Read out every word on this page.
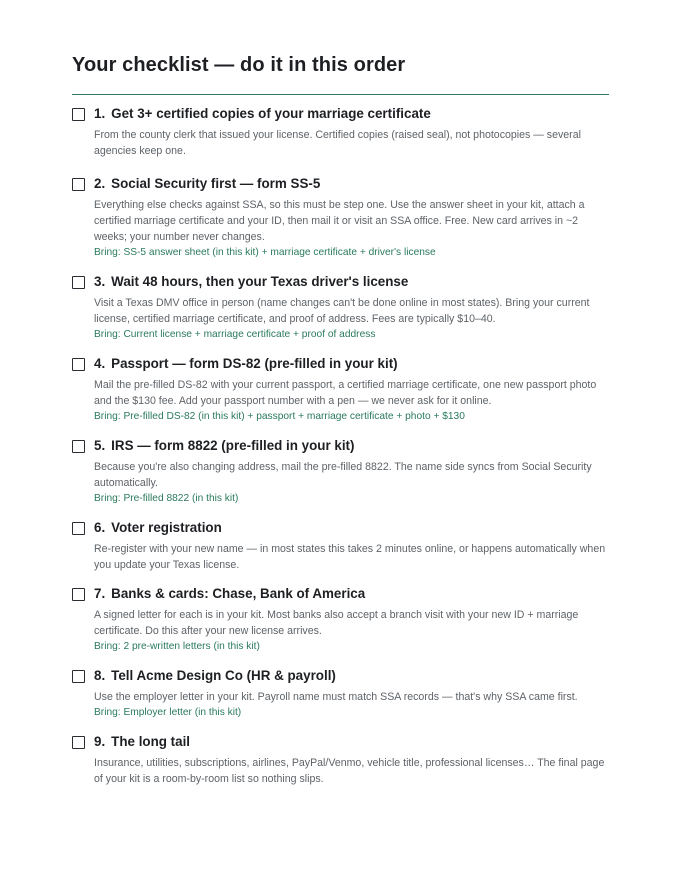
Your checklist — do it in this order
1. Get 3+ certified copies of your marriage certificate
From the county clerk that issued your license. Certified copies (raised seal), not photocopies — several agencies keep one.
2. Social Security first — form SS-5
Everything else checks against SSA, so this must be step one. Use the answer sheet in your kit, attach a certified marriage certificate and your ID, then mail it or visit an SSA office. Free. New card arrives in ~2 weeks; your number never changes.
Bring: SS-5 answer sheet (in this kit) + marriage certificate + driver's license
3. Wait 48 hours, then your Texas driver's license
Visit a Texas DMV office in person (name changes can't be done online in most states). Bring your current license, certified marriage certificate, and proof of address. Fees are typically $10–40.
Bring: Current license + marriage certificate + proof of address
4. Passport — form DS-82 (pre-filled in your kit)
Mail the pre-filled DS-82 with your current passport, a certified marriage certificate, one new passport photo and the $130 fee. Add your passport number with a pen — we never ask for it online.
Bring: Pre-filled DS-82 (in this kit) + passport + marriage certificate + photo + $130
5. IRS — form 8822 (pre-filled in your kit)
Because you're also changing address, mail the pre-filled 8822. The name side syncs from Social Security automatically.
Bring: Pre-filled 8822 (in this kit)
6. Voter registration
Re-register with your new name — in most states this takes 2 minutes online, or happens automatically when you update your Texas license.
7. Banks & cards: Chase, Bank of America
A signed letter for each is in your kit. Most banks also accept a branch visit with your new ID + marriage certificate. Do this after your new license arrives.
Bring: 2 pre-written letters (in this kit)
8. Tell Acme Design Co (HR & payroll)
Use the employer letter in your kit. Payroll name must match SSA records — that's why SSA came first.
Bring: Employer letter (in this kit)
9. The long tail
Insurance, utilities, subscriptions, airlines, PayPal/Venmo, vehicle title, professional licenses… The final page of your kit is a room-by-room list so nothing slips.
